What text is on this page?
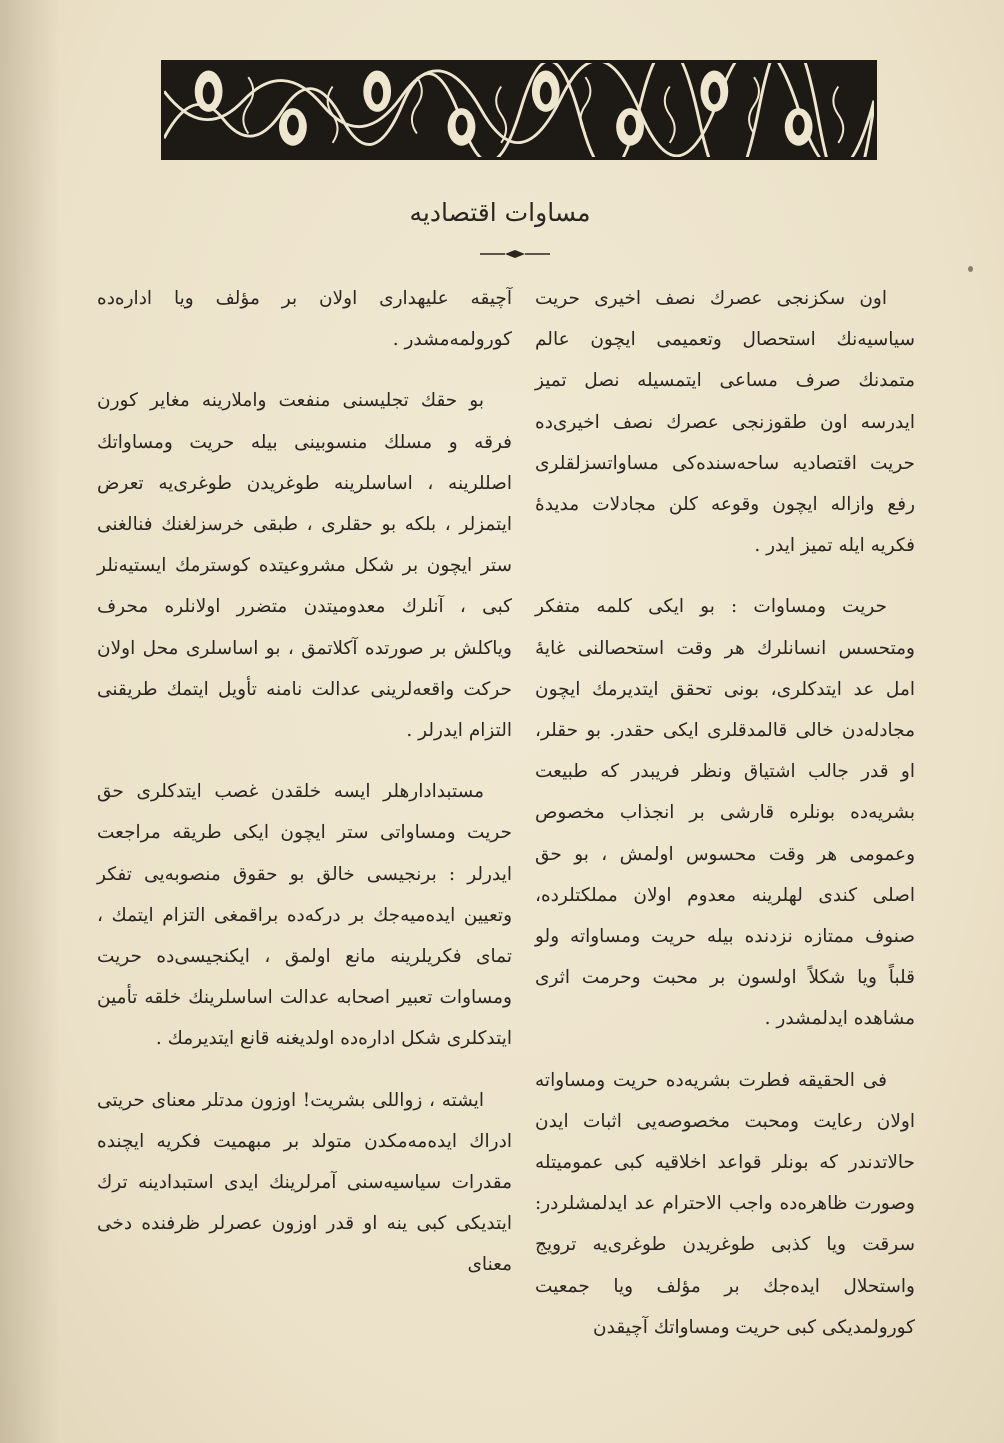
مساوات اقتصادیه

اون سکزنجی عصرك نصف اخیری حریت سیاسیه‌نك استحصال وتعمیمی ایچون عالم متمدنك صرف مساعی ایتمسیله نصل تمیز ایدرسه اون طقوزنجی عصرك نصف اخیری‌ده حریت اقتصادیه ساحه‌سنده‌کی مساواتسزلقلری رفع وازاله ایچون وقوعه کلن مجادلات مدیدهٔ فکریه ایله تمیز ایدر .

حریت ومساوات : بو ایکی کلمه متفکر ومتحسس انسانلرك هر وقت استحصالنی غایهٔ امل عد ایتدکلری، بونی تحقق ایتدیرمك ایچون مجادله‌دن خالی قالمدقلری ایکی حقدر. بو حقلر، او قدر جالب اشتیاق ونظر فریبدر که طبیعت بشریه‌ده بونلره قارشی بر انجذاب مخصوص وعمومی هر وقت محسوس اولمش ، بو حق اصلی کندی لهلرینه معدوم اولان مملکتلرده، صنوف ممتازه نزدنده بیله حریت ومساواته ولو قلباً ویا شکلاً اولسون بر محبت وحرمت اثری مشاهده ایدلمشدر .

فی الحقیقه فطرت بشریه‌ده حریت ومساواته اولان رعایت ومحبت مخصوصه‌یی اثبات ایدن حالاتدندر که بونلر قواعد اخلاقیه کبی عمومیتله وصورت ظاهره‌ده واجب الاحترام عد ایدلمشلردر: سرقت ویا کذبی طوغریدن طوغری‌یه ترویج واستحلال ایده‌جك بر مؤلف ویا جمعیت کورولمدیکی کبی حریت ومساواتك آچیقدن

آچیقه علیهداری اولان بر مؤلف ویا اداره‌ده کورولمه‌مشدر .

بو حقك تجلیسنی منفعت واملارینه مغایر کورن فرقه و مسلك منسوبینی بیله حریت ومساواتك اصللرینه ، اساسلرینه طوغریدن طوغری‌یه تعرض ایتمزلر ، بلکه بو حقلری ، طبقی خرسزلغنك فنالغنی ستر ایچون بر شکل مشروعیتده کوسترمك ایستیه‌نلر کبی ، آنلرك معدومیتدن متضرر اولانلره محرف ویاکلش بر صورتده آکلاتمق ، بو اساسلری محل اولان حرکت واقعه‌لرینی عدالت نامنه تأویل ایتمك طریقنی التزام ایدرلر .

مستبدادارهلر ایسه خلقدن غصب ایتدکلری حق حریت ومساواتی ستر ایچون ایکی طریقه مراجعت ایدرلر : برنجیسی خالق بو حقوق منصوبه‌یی تفکر وتعیین ایده‌میه‌جك بر درکه‌ده براقمغی التزام ایتمك ، تمای فکریلرینه مانع اولمق ، ایکنجیسی‌ده حریت ومساوات تعبیر اصحابه عدالت اساسلرینك خلقه تأمین ایتدکلری شکل اداره‌ده اولدیغنه قانع ایتدیرمك .

ایشته ، زواللی بشریت! اوزون مدتلر معنای حریتی ادراك ایده‌مه‌مکدن متولد بر مبهمیت فکریه ایچنده مقدرات سیاسیه‌سنی آمرلرینك ایدی استبدادینه ترك ایتدیکی کبی ینه او قدر اوزون عصرلر ظرفنده دخی معنای
